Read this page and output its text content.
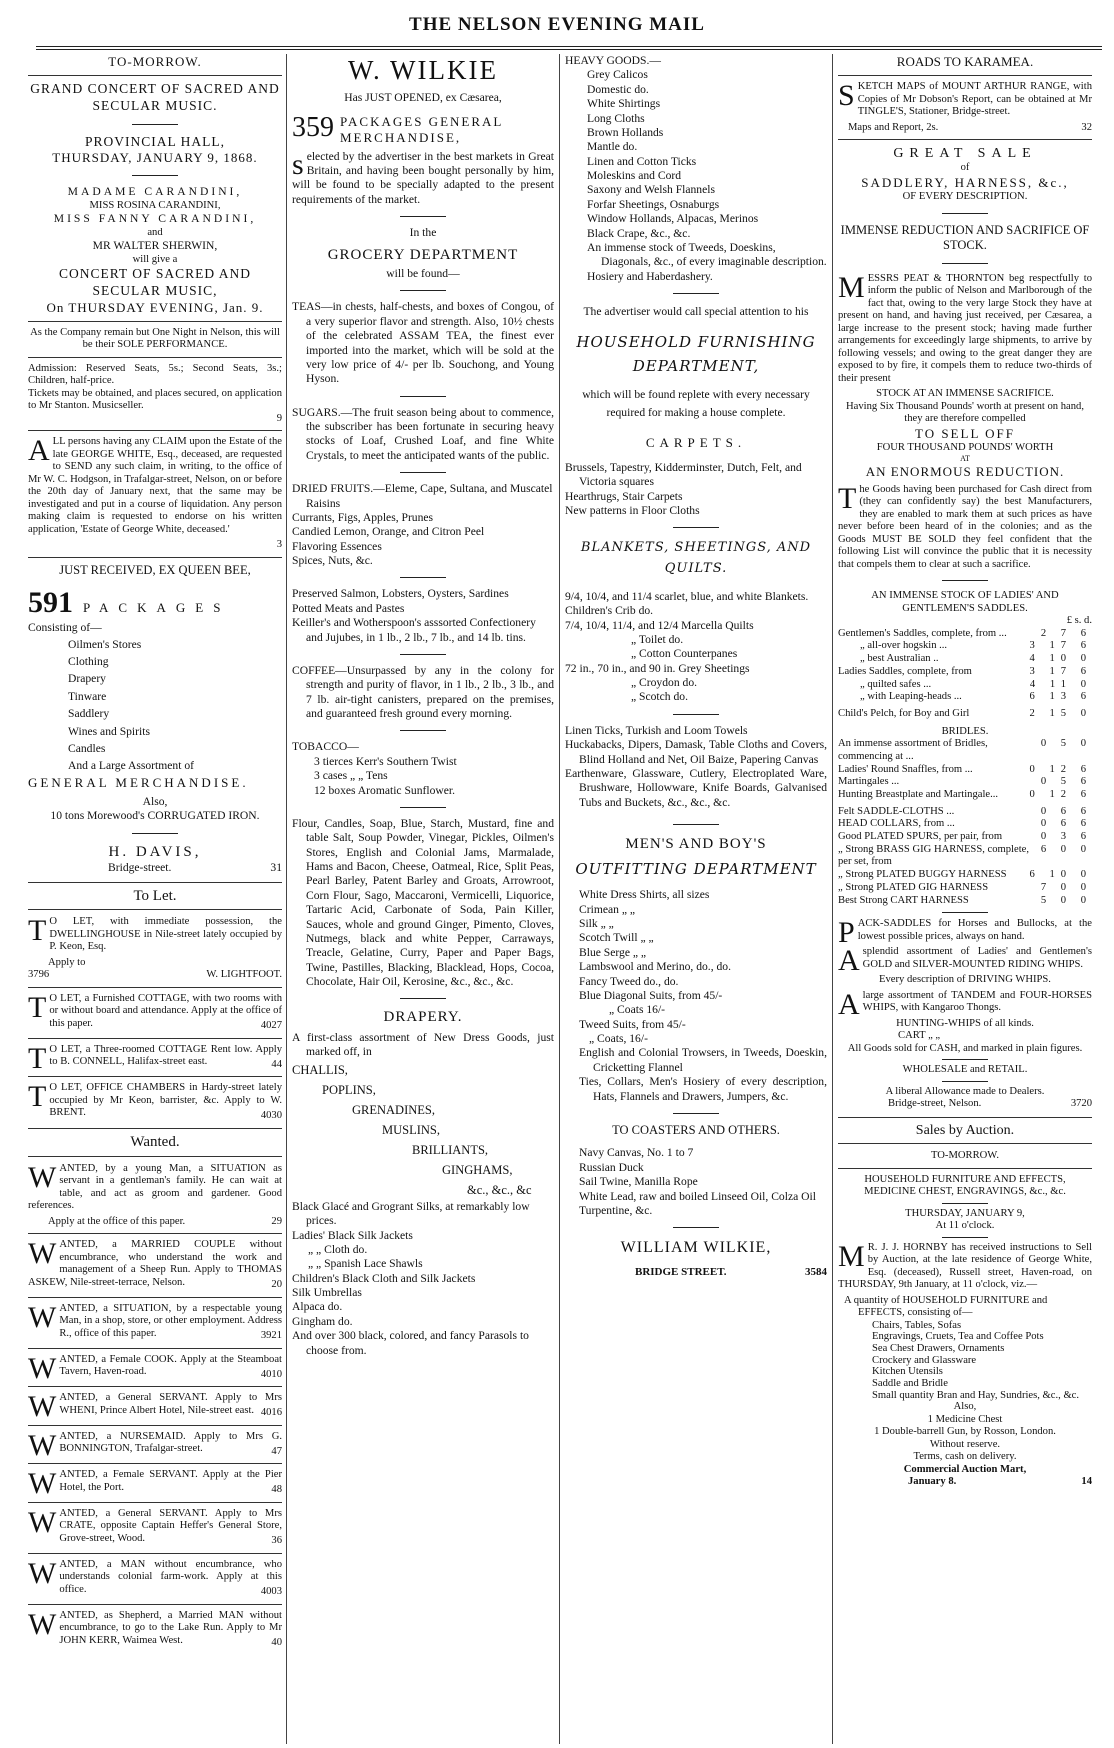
THE NELSON EVENING MAIL
TO-MORROW.
GRAND CONCERT OF SACRED AND SECULAR MUSIC.
PROVINCIAL HALL,
THURSDAY, JANUARY 9, 1868.
MADAME CARANDINI,
MISS ROSINA CARANDINI,
MISS FANNY CARANDINI,
and
MR WALTER SHERWIN,
will give a
CONCERT OF SACRED AND SECULAR MUSIC,
On THURSDAY EVENING, Jan. 9.
As the Company remain but One Night in Nelson, this will be their SOLE PERFORMANCE.
Admission: Reserved Seats, 5s.; Second Seats, 3s.; Children, half-price.
Tickets may be obtained, and places secured, on application to Mr Stanton. Musicseller.
9
ALL persons having any CLAIM upon the Estate of the late GEORGE WHITE, Esq., deceased, are requested to SEND any such claim, in writing, to the office of Mr W. C. Hodgson, in Trafalgar-street, Nelson, on or before the 20th day of January next, that the same may be investigated and put in a course of liquidation. Any person making claim is requested to endorse on his written application, 'Estate of George White, deceased.'
3
JUST RECEIVED, EX QUEEN BEE,
591 PACKAGES
Consisting of—
Oilmen's Stores
Clothing
Drapery
Tinware
Saddlery
Wines and Spirits
Candles
And a Large Assortment of
GENERAL MERCHANDISE.
Also,
10 tons Morewood's CORRUGATED IRON.
H. DAVIS,
Bridge-street.	31
To Let.
TO LET, with immediate possession, the DWELLINGHOUSE in Nile-street lately occupied by P. Keon, Esq.
Apply to
3796	W. LIGHTFOOT.
TO LET, a Furnished COTTAGE, with two rooms with or without board and attendance. Apply at the office of this paper.	4027
TO LET, a Three-roomed COTTAGE Rent low. Apply to B. CONNELL, Halifax-street east.	44
TO LET, OFFICE CHAMBERS in Hardy-street lately occupied by Mr Keon, barrister, &c. Apply to W. BRENT.	4030
Wanted.
WANTED, by a young Man, a SITUATION as servant in a gentleman's family. He can wait at table, and act as groom and gardener. Good references.
Apply at the office of this paper.	29
WANTED, a MARRIED COUPLE without encumbrance, who understand the work and management of a Sheep Run. Apply to THOMAS ASKEW, Nile-street-terrace, Nelson.	20
WANTED, a SITUATION, by a respectable young Man, in a shop, store, or other employment. Address R., office of this paper.	3921
WANTED, a Female COOK. Apply at the Steamboat Tavern, Haven-road.	4010
WANTED, a General SERVANT. Apply to Mrs WHENI, Prince Albert Hotel, Nile-street east. 4016
WANTED, a NURSEMAID. Apply to Mrs G. BONNINGTON, Trafalgar-street.	47
WANTED, a Female SERVANT. Apply at the Pier Hotel, the Port.	48
WANTED, a General SERVANT. Apply to Mrs CRATE, opposite Captain Heffer's General Store, Grove-street, Wood.	36
WANTED, a MAN without encumbrance, who understands colonial farm-work. Apply at this office.	4003
WANTED, as Shepherd, a Married MAN without encumbrance, to go to the Lake Run. Apply to Mr JOHN KERR, Waimea West.	40
W. WILKIE
Has JUST OPENED, ex Cæsarea,
359 PACKAGES GENERAL MERCHANDISE,
selected by the advertiser in the best markets in Great Britain, and having been bought personally by him, will be found to be specially adapted to the present requirements of the market.
In the
GROCERY DEPARTMENT
will be found—
TEAS—in chests, half-chests, and boxes of Congou, of a very superior flavor and strength. Also, 10½ chests of the celebrated ASSAM TEA, the finest ever imported into the market, which will be sold at the very low price of 4/- per lb. Souchong, and Young Hyson.
SUGARS.—The fruit season being about to commence, the subscriber has been fortunate in securing heavy stocks of Loaf, Crushed Loaf, and fine White Crystals, to meet the anticipated wants of the public.
DRIED FRUITS.—Eleme, Cape, Sultana, and Muscatel Raisins
Currants, Figs, Apples, Prunes
Candied Lemon, Orange, and Citron Peel
Flavoring Essences
Spices, Nuts, &c.
Preserved Salmon, Lobsters, Oysters, Sardines
Potted Meats and Pastes
Keiller's and Wotherspoon's asssorted Confectionery and Jujubes, in 1 lb., 2 lb., 7 lb., and 14 lb. tins.
COFFEE—Unsurpassed by any in the colony for strength and purity of flavor, in 1 lb., 2 lb., 3 lb., and 7 lb. air-tight canisters, prepared on the premises, and guaranteed fresh ground every morning.
TOBACCO—
3 tierces Kerr's Southern Twist
3 cases „ „ Tens
12 boxes Aromatic Sunflower.
Flour, Candles, Soap, Blue, Starch, Mustard, fine and table Salt, Soup Powder, Vinegar, Pickles, Oilmen's Stores, English and Colonial Jams, Marmalade, Hams and Bacon, Cheese, Oatmeal, Rice, Split Peas, Pearl Barley, Patent Barley and Groats, Arrowroot, Corn Flour, Sago, Maccaroni, Vermicelli, Liquorice, Tartaric Acid, Carbonate of Soda, Pain Killer, Sauces, whole and ground Ginger, Pimento, Cloves, Nutmegs, black and white Pepper, Carraways, Treacle, Gelatine, Curry, Paper and Paper Bags, Twine, Pastilles, Blacking, Blacklead, Hops, Cocoa, Chocolate, Hair Oil, Kerosine, &c., &c., &c.
DRAPERY.
A first-class assortment of New Dress Goods, just marked off, in
CHALLIS,
POPLINS,
GRENADINES,
MUSLINS,
BRILLIANTS,
GINGHAMS,
&c., &c., &c
Black Glacé and Grogrant Silks, at remarkably low prices.
Ladies' Black Silk Jackets
„ „ Cloth do.
„ „ Spanish Lace Shawls
Children's Black Cloth and Silk Jackets
Silk Umbrellas
Alpaca do.
Gingham do.
And over 300 black, colored, and fancy Parasols to choose from.
HEAVY GOODS.—
Grey Calicos
Domestic do.
White Shirtings
Long Cloths
Brown Hollands
Mantle do.
Linen and Cotton Ticks
Moleskins and Cord
Saxony and Welsh Flannels
Forfar Sheetings, Osnaburgs
Window Hollands, Alpacas, Merinos
Black Crape, &c., &c.
An immense stock of Tweeds, Doeskins, Diagonals, &c., of every imaginable description.
Hosiery and Haberdashery.
The advertiser would call special attention to his
HOUSEHOLD FURNISHING DEPARTMENT,
which will be found replete with every necessary required for making a house complete.
CARPETS.
Brussels, Tapestry, Kidderminster, Dutch, Felt, and Victoria squares
Hearthrugs, Stair Carpets
New patterns in Floor Cloths
BLANKETS, SHEETINGS, AND QUILTS.
9/4, 10/4, and 11/4 scarlet, blue, and white Blankets.
Children's Crib do.
7/4, 10/4, 11/4, and 12/4 Marcella Quilts
„ Toilet do.
„ Cotton Counterpanes
72 in., 70 in., and 90 in. Grey Sheetings
„ Croydon do.
„ Scotch do.
Linen Ticks, Turkish and Loom Towels
Huckabacks, Dipers, Damask, Table Cloths and Covers, Blind Holland and Net, Oil Baize, Papering Canvas
Earthenware, Glassware, Cutlery, Electroplated Ware, Brushware, Hollowware, Knife Boards, Galvanised Tubs and Buckets, &c., &c., &c.
MEN'S AND BOY'S
OUTFITTING DEPARTMENT
White Dress Shirts, all sizes
Crimean „ „
Silk „ „
Scotch Twill „ „
Blue Serge „ „
Lambswool and Merino, do., do.
Fancy Tweed do., do.
Blue Diagonal Suits, from 45/-
„ Coats 16/-
Tweed Suits, from 45/-
„ Coats, 16/-
English and Colonial Trowsers, in Tweeds, Doeskin, Cricketting Flannel
Ties, Collars, Men's Hosiery of every description, Hats, Flannels and Drawers, Jumpers, &c.
TO COASTERS AND OTHERS.
Navy Canvas, No. 1 to 7
Russian Duck
Sail Twine, Manilla Rope
White Lead, raw and boiled Linseed Oil, Colza Oil
Turpentine, &c.
WILLIAM WILKIE,
BRIDGE STREET.	3584
ROADS TO KARAMEA.
SKETCH MAPS of MOUNT ARTHUR RANGE, with Copies of Mr Dobson's Report, can be obtained at Mr TINGLE'S, Stationer, Bridge-street.
Maps and Report, 2s.	32
GREAT SALE
of
SADDLERY, HARNESS, &c.,
OF EVERY DESCRIPTION.
IMMENSE REDUCTION AND SACRIFICE OF STOCK.
MESSRS PEAT & THORNTON beg respectfully to inform the public of Nelson and Marlborough of the fact that, owing to the very large Stock they have at present on hand, and having just received, per Cæsarea, a large increase to the present stock; having made further arrangements for exceedingly large shipments, to arrive by following vessels; and owing to the great danger they are exposed to by fire, it compels them to reduce two-thirds of their present
STOCK AT AN IMMENSE SACRIFICE.
Having Six Thousand Pounds' worth at present on hand, they are therefore compelled
TO SELL OFF
FOUR THOUSAND POUNDS' WORTH
AT
AN ENORMOUS REDUCTION.
The Goods having been purchased for Cash direct from (they can confidently say) the best Manufacturers, they are enabled to mark them at such prices as have never before been heard of in the colonies; and as the Goods MUST BE SOLD they feel confident that the following List will convince the public that it is necessity that compels them to clear at such a sacrifice.
AN IMMENSE STOCK OF LADIES' AND GENTLEMEN'S SADDLES.
£ s. d.
Gentlemen's Saddles, complete, from ...	2 7 6
„ all-over hogskin ...	3 17 6
„ best Australian ..	4 10 0
Ladies Saddles, complete, from	3 17 6
„ quilted safes ...	4 11 0
„ with Leaping-heads ...	6 13 6
Child's Pelch, for Boy and Girl	2 15 0
BRIDLES.
An immense assortment of Bridles, commencing at ...
0 5 0
Ladies' Round Snaffles, from ...	0 12 6
Martingales ...	0 5 6
Hunting Breastplate and Martingale...	0 12 6
Felt SADDLE-CLOTHS ...	0 6 6
HEAD COLLARS, from ...	0 6 6
Good PLATED SPURS, per pair, from	0 3 6
„ Strong BRASS GIG HARNESS, complete, per set, from
6 0 0
„ Strong PLATED BUGGY HARNESS 6 10 0
„ Strong PLATED GIG HARNESS	7 0 0
Best Strong CART HARNESS	5 0 0
PACK-SADDLES for Horses and Bullocks, at the lowest possible prices, always on hand.
Asplendid assortment of Ladies' and Gentlemen's GOLD and SILVER-MOUNTED RIDING WHIPS.
Every description of DRIVING WHIPS.
Alarge assortment of TANDEM and FOUR-HORSES WHIPS, with Kangaroo Thongs.
HUNTING-WHIPS of all kinds.
CART „ „
All Goods sold for CASH, and marked in plain figures.
WHOLESALE and RETAIL.
A liberal Allowance made to Dealers.
Bridge-street, Nelson.	3720
Sales by Auction.
TO-MORROW.
HOUSEHOLD FURNITURE AND EFFECTS, MEDICINE CHEST, ENGRAVINGS, &c., &c.
THURSDAY, JANUARY 9,
At 11 o'clock.
MR. J. J. HORNBY has received instructions to Sell by Auction, at the late residence of George White, Esq. (deceased), Russell street, Haven-road, on THURSDAY, 9th January, at 11 o'clock, viz.—
A quantity of HOUSEHOLD FURNITURE and EFFECTS, consisting of—
Chairs, Tables, Sofas
Engravings, Cruets, Tea and Coffee Pots
Sea Chest Drawers, Ornaments
Crockery and Glassware
Kitchen Utensils
Saddle and Bridle
Small quantity Bran and Hay, Sundries, &c., &c.
Also,
1 Medicine Chest
1 Double-barrell Gun, by Rosson, London.
Without reserve.
Terms, cash on delivery.
Commercial Auction Mart,
January 8.	14
